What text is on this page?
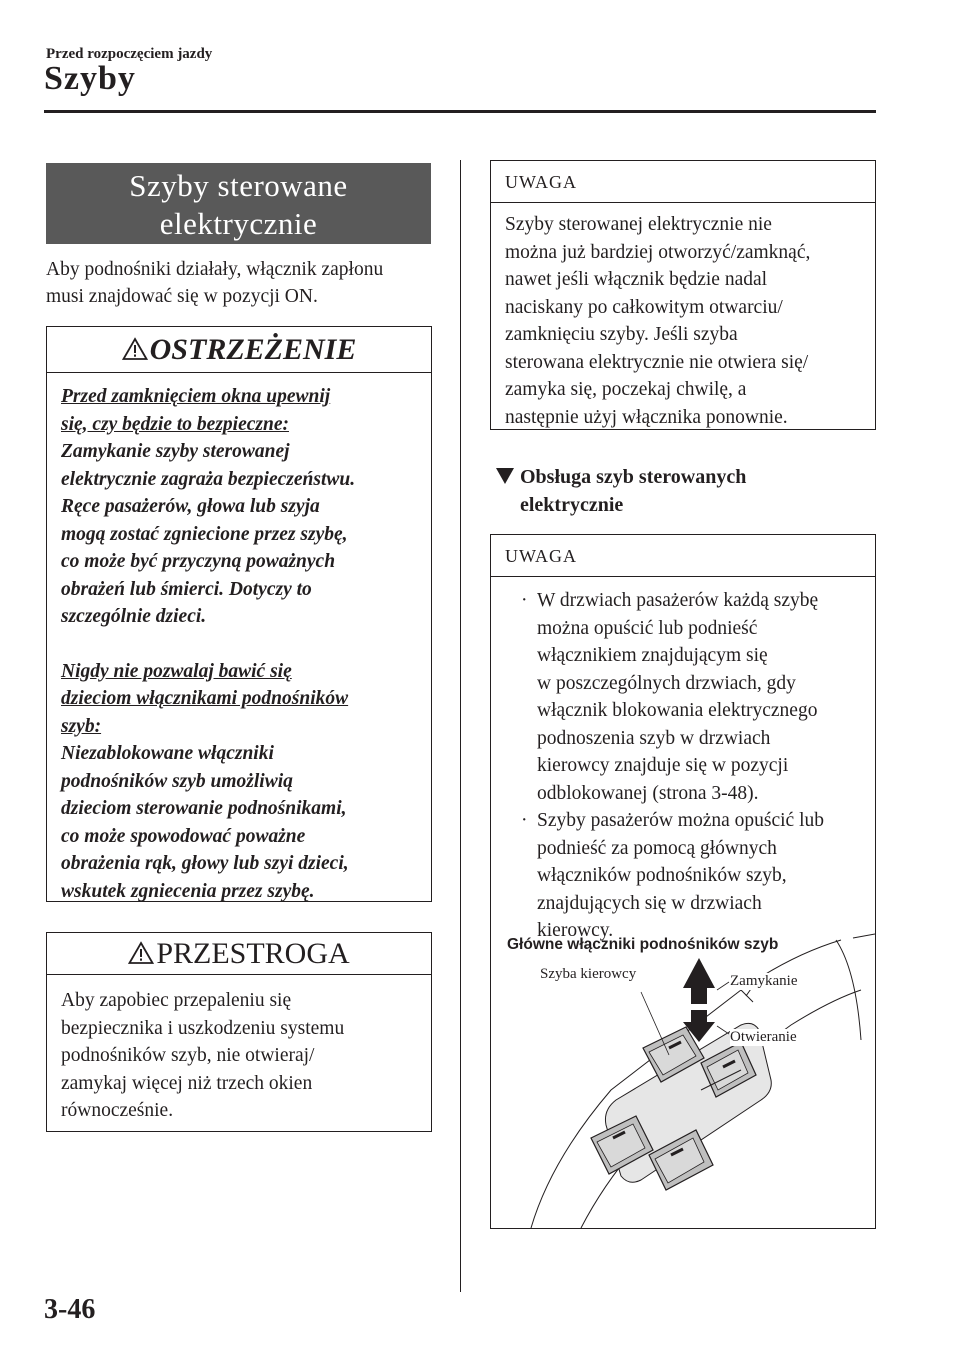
Przed rozpoczęciem jazdy
Szyby
Szyby sterowane
elektrycznie
Aby podnośniki działały, włącznik zapłonu
musi znajdować się w pozycji ON.
OSTRZEŻENIE

Przed zamknięciem okna upewnij

się, czy będzie to bezpieczne:

Zamykanie szyby sterowanej

elektrycznie zagraża bezpieczeństwu.

Ręce pasażerów, głowa lub szyja

mogą zostać zgniecione przez szybę,

co może być przyczyną poważnych

obrażeń lub śmierci. Dotyczy to

szczególnie dzieci.

Nigdy nie pozwalaj bawić się

dzieciom włącznikami podnośników

szyb:

Niezablokowane włączniki

podnośników szyb umożliwią

dzieciom sterowanie podnośnikami,

co może spowodować poważne

obrażenia rąk, głowy lub szyi dzieci,

wskutek zgniecenia przez szybę.

PRZESTROGA
Aby zapobiec przepaleniu się
bezpiecznika i uszkodzeniu systemu
podnośników szyb, nie otwieraj/
zamykaj więcej niż trzech okien
równocześnie.
UWAGA
Szyby sterowanej elektrycznie nie
można już bardziej otworzyć/zamknąć,
nawet jeśli włącznik będzie nadal
naciskany po całkowitym otwarciu/
zamknięciu szyby. Jeśli szyba
sterowana elektrycznie nie otwiera się/
zamyka się, poczekaj chwilę, a
następnie użyj włącznika ponownie.
Obsługa szyb sterowanych
elektrycznie
UWAGA
· W drzwiach pasażerów każdą szybę
można opuścić lub podnieść
włącznikiem znajdującym się
w poszczególnych drzwiach, gdy
włącznik blokowania elektrycznego
podnoszenia szyb w drzwiach
kierowcy znajduje się w pozycji
odblokowanej (strona 3-48).
· Szyby pasażerów można opuścić lub
podnieść za pomocą głównych
włączników podnośników szyb,
znajdujących się w drzwiach
kierowcy.
Główne włączniki podnośników szyb
Szyba kierowcy	Zamykanie
Otwieranie
3-46
